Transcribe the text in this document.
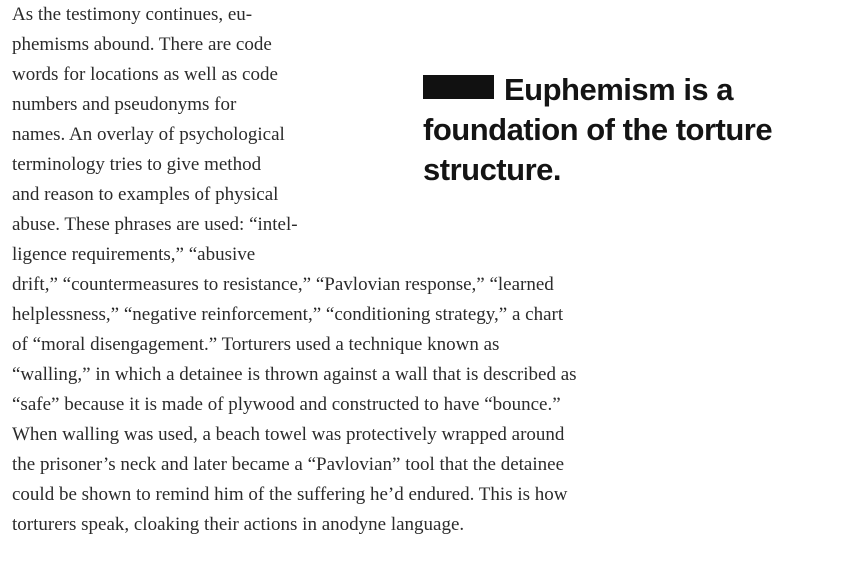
As the testimony continues, eu-
phemisms abound. There are code
words for locations as well as code
numbers and pseudonyms for
names. An overlay of psychological
terminology tries to give method
and reason to examples of physical
abuse. These phrases are used: “intel-
ligence requirements,” “abusive
drift,” “countermeasures to resistance,” “Pavlovian response,” “learned
helplessness,” “negative reinforcement,” “conditioning strategy,” a chart
of “moral disengagement.” Torturers used a technique known as
“walling,” in which a detainee is thrown against a wall that is described as
“safe” because it is made of plywood and constructed to have “bounce.”
When walling was used, a beach towel was protectively wrapped around
the prisoner’s neck and later became a “Pavlovian” tool that the detainee
could be shown to remind him of the suffering he’d endured. This is how
torturers speak, cloaking their actions in anodyne language.
Euphemism is a
foundation of the torture
structure.
